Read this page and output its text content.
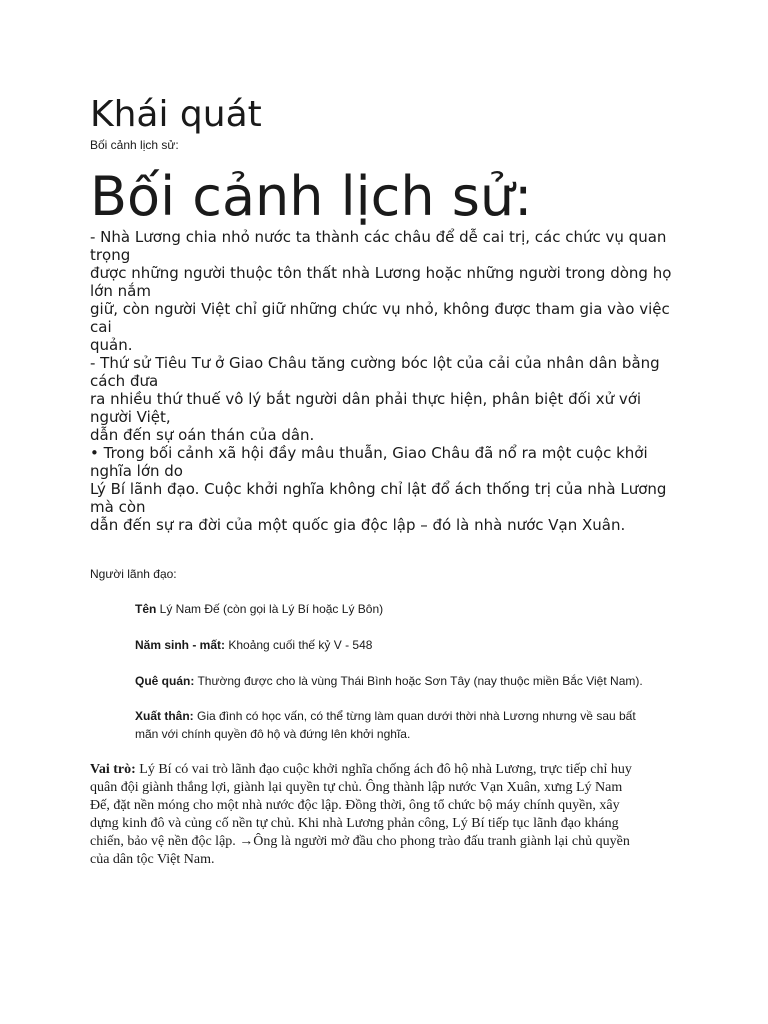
Khái quát
Bối cảnh lịch sử:
Bối cảnh lịch sử:
- Nhà Lương chia nhỏ nước ta thành các châu để dễ cai trị, các chức vụ quan
trọng
được những người thuộc tôn thất nhà Lương hoặc những người trong dòng họ
lớn nắm
giữ, còn người Việt chỉ giữ những chức vụ nhỏ, không được tham gia vào việc
cai
quản.
- Thứ sử Tiêu Tư ở Giao Châu tăng cường bóc lột của cải của nhân dân bằng
cách đưa
ra nhiều thứ thuế vô lý bắt người dân phải thực hiện, phân biệt đối xử với
người Việt,
dẫn đến sự oán thán của dân.
• Trong bối cảnh xã hội đầy mâu thuẫn, Giao Châu đã nổ ra một cuộc khởi
nghĩa lớn do
Lý Bí lãnh đạo. Cuộc khởi nghĩa không chỉ lật đổ ách thống trị của nhà Lương
mà còn
dẫn đến sự ra đời của một quốc gia độc lập – đó là nhà nước Vạn Xuân.
Người lãnh đạo:
Tên Lý Nam Đế (còn gọi là Lý Bí hoặc Lý Bôn)
Năm sinh - mất: Khoảng cuối thế kỷ V - 548
Quê quán: Thường được cho là vùng Thái Bình hoặc Sơn Tây (nay thuộc miền Bắc Việt Nam).
Xuất thân: Gia đình có học vấn, có thể từng làm quan dưới thời nhà Lương nhưng về sau bất
mãn với chính quyền đô hộ và đứng lên khởi nghĩa.
Vai trò: Lý Bí có vai trò lãnh đạo cuộc khởi nghĩa chống ách đô hộ nhà Lương, trực tiếp chỉ huy
quân đội giành thắng lợi, giành lại quyền tự chủ. Ông thành lập nước Vạn Xuân, xưng Lý Nam
Đế, đặt nền móng cho một nhà nước độc lập. Đồng thời, ông tổ chức bộ máy chính quyền, xây
dựng kinh đô và củng cố nền tự chủ. Khi nhà Lương phản công, Lý Bí tiếp tục lãnh đạo kháng
chiến, bảo vệ nền độc lập. →Ông là người mở đầu cho phong trào đấu tranh giành lại chủ quyền
của dân tộc Việt Nam.
